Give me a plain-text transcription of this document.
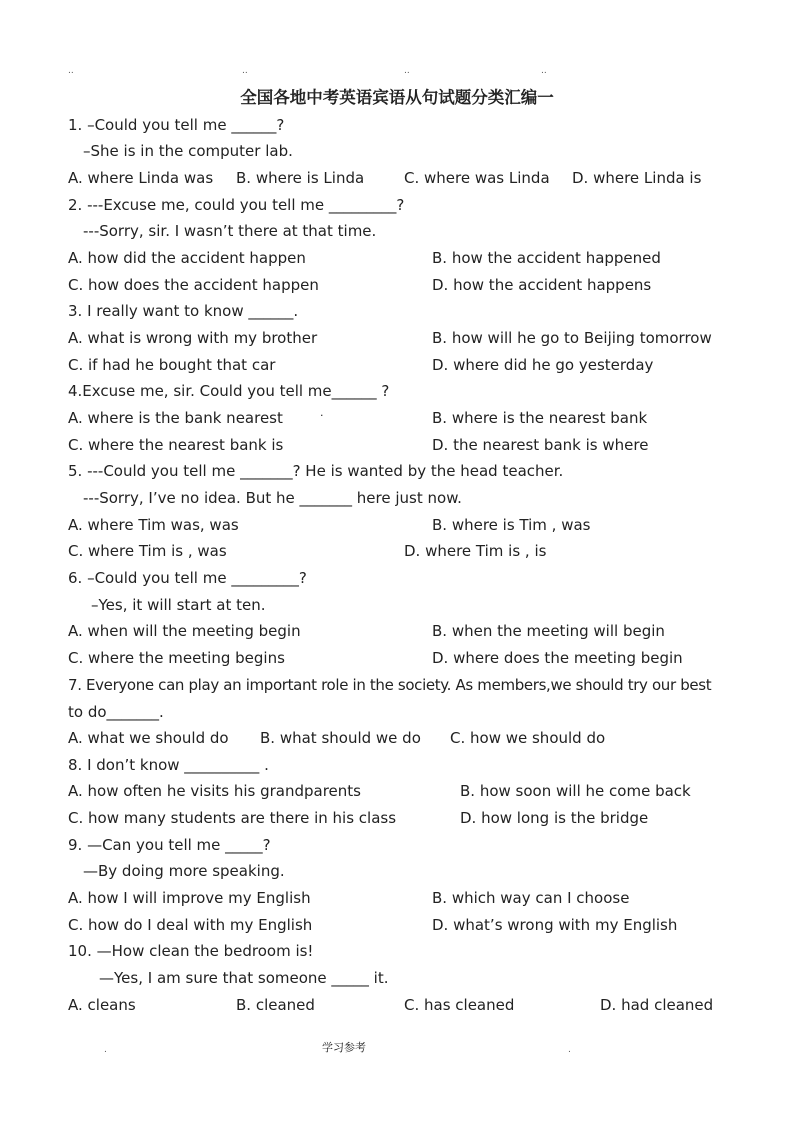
..	..	..	..
全国各地中考英语宾语从句试题分类汇编一
1. –Could you tell me ______?
–She is in the computer lab.
A. where Linda was B. where is Linda	C. where was Linda D. where Linda is
2. ---Excuse me, could you tell me _________?
---Sorry, sir. I wasn’t there at that time.
A. how did the accident happen	B. how the accident happened
C. how does the accident happen	D. how the accident happens
3. I really want to know ______.
A. what is wrong with my brother	B. how will he go to Beijing tomorrow
C. if had he bought that car	D. where did he go yesterday
4.Excuse me, sir. Could you tell me______ ?
A. where is the bank nearest	·	B. where is the nearest bank
C. where the nearest bank is	D. the nearest bank is where
5. ---Could you tell me _______? He is wanted by the head teacher.
---Sorry, I’ve no idea. But he _______ here just now.
A. where Tim was, was	B. where is Tim , was
C. where Tim is , was	D. where Tim is , is
6. –Could you tell me _________?
–Yes, it will start at ten.
A. when will the meeting begin	B. when the meeting will begin
C. where the meeting begins	D. where does the meeting begin
7. Everyone can play an important role in the society. As members,we should try our best
to do_______.
A. what we should do B. what should we do C. how we should do
8. I don’t know __________ .
A. how often he visits his grandparents	B. how soon will he come back
C. how many students are there in his class	D. how long is the bridge
9. —Can you tell me _____?
—By doing more speaking.
A. how I will improve my English	B. which way can I choose
C. how do I deal with my English	D. what’s wrong with my English
10. —How clean the bedroom is!
—Yes, I am sure that someone _____ it.
A. cleans	B. cleaned	C. has cleaned	D. had cleaned
.	学习参考	.
